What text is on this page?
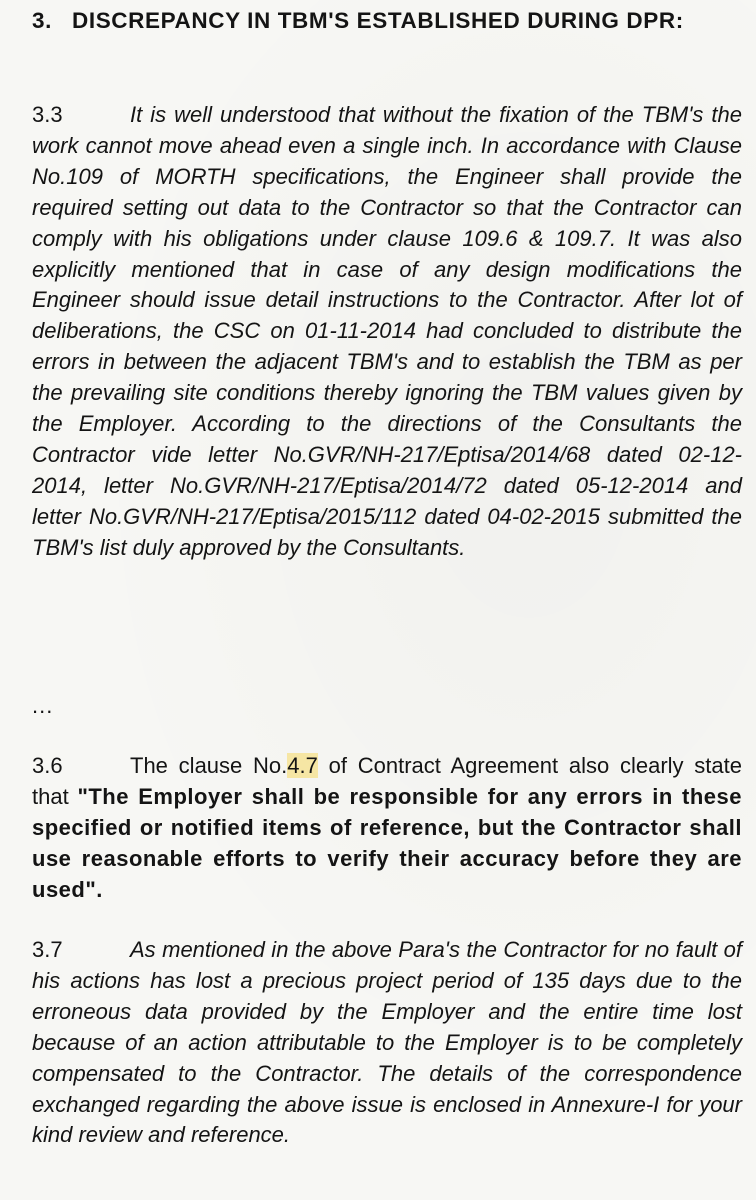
3. DISCREPANCY IN TBM'S ESTABLISHED DURING DPR:

3.3	It is well understood that without the fixation of the TBM's the work cannot move ahead even a single inch. In accordance with Clause No.109 of MORTH specifications, the Engineer shall provide the required setting out data to the Contractor so that the Contractor can comply with his obligations under clause 109.6 & 109.7. It was also explicitly mentioned that in case of any design modifications the Engineer should issue detail instructions to the Contractor. After lot of deliberations, the CSC on 01-11-2014 had concluded to distribute the errors in between the adjacent TBM's and to establish the TBM as per the prevailing site conditions thereby ignoring the TBM values given by the Employer. According to the directions of the Consultants the Contractor vide letter No.GVR/NH-217/Eptisa/2014/68 dated 02-12-2014, letter No.GVR/NH-217/Eptisa/2014/72 dated 05-12-2014 and letter No.GVR/NH-217/Eptisa/2015/112 dated 04-02-2015 submitted the TBM's list duly approved by the Consultants.

...

3.6	The clause No.4.7 of Contract Agreement also clearly state that "The Employer shall be responsible for any errors in these specified or notified items of reference, but the Contractor shall use reasonable efforts to verify their accuracy before they are used".

3.7	As mentioned in the above Para's the Contractor for no fault of his actions has lost a precious project period of 135 days due to the erroneous data provided by the Employer and the entire time lost because of an action attributable to the Employer is to be completely compensated to the Contractor. The details of the correspondence exchanged regarding the above issue is enclosed in Annexure-I for your kind review and reference.
